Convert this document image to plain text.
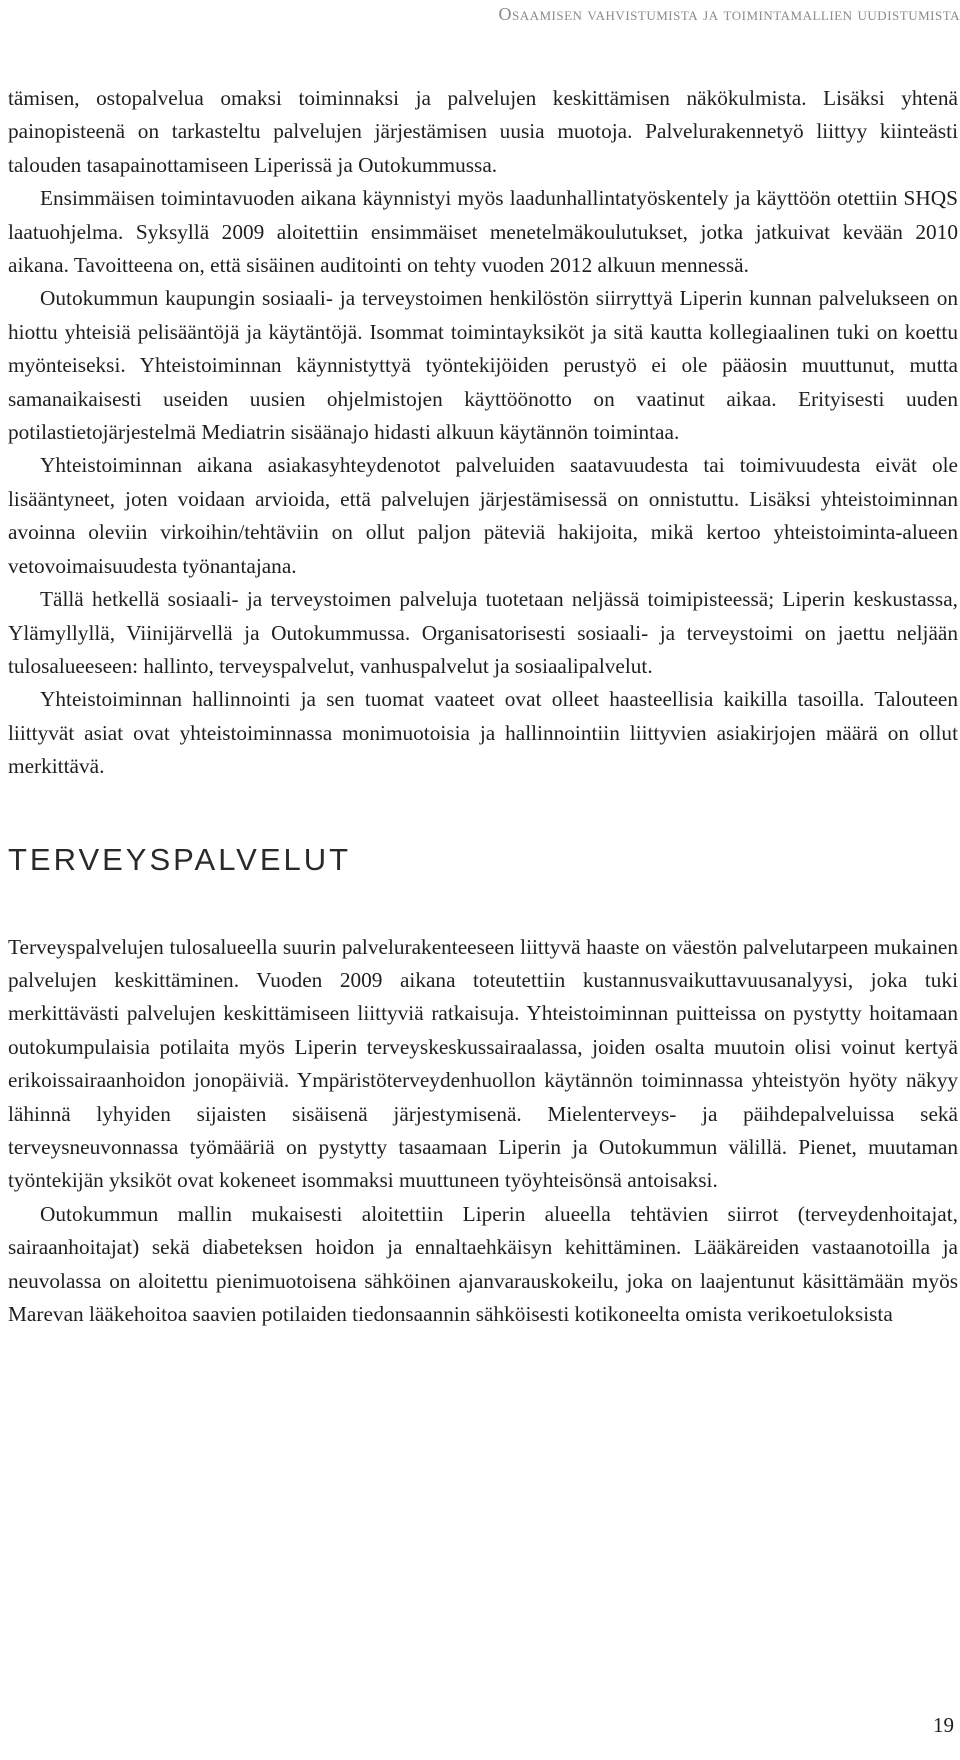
Osaamisen vahvistumista ja toimintamallien uudistumista

tämisen, ostopalvelua omaksi toiminnaksi ja palvelujen keskittämisen näkökulmista. Lisäksi yhtenä painopisteenä on tarkasteltu palvelujen järjestämisen uusia muotoja. Palvelurakennetyö liittyy kiinteästi talouden tasapainottamiseen Liperissä ja Outokummussa.

Ensimmäisen toimintavuoden aikana käynnistyi myös laadunhallintatyöskentely ja käyttöön otettiin SHQS laatuohjelma. Syksyllä 2009 aloitettiin ensimmäiset menetelmäkoulutukset, jotka jatkuivat kevään 2010 aikana. Tavoitteena on, että sisäinen auditointi on tehty vuoden 2012 alkuun mennessä.

Outokummun kaupungin sosiaali- ja terveystoimen henkilöstön siirryttyä Liperin kunnan palvelukseen on hiottu yhteisiä pelisääntöjä ja käytäntöjä. Isommat toimintayksiköt ja sitä kautta kollegiaalinen tuki on koettu myönteiseksi. Yhteistoiminnan käynnistyttyä työntekijöiden perustyö ei ole pääosin muuttunut, mutta samanaikaisesti useiden uusien ohjelmistojen käyttöönotto on vaatinut aikaa. Erityisesti uuden potilastietojärjestelmä Mediatrin sisäänajo hidasti alkuun käytännön toimintaa.

Yhteistoiminnan aikana asiakasyhteydenotot palveluiden saatavuudesta tai toimivuudesta eivät ole lisääntyneet, joten voidaan arvioida, että palvelujen järjestämisessä on onnistuttu. Lisäksi yhteistoiminnan avoinna oleviin virkoihin/tehtäviin on ollut paljon päteviä hakijoita, mikä kertoo yhteistoiminta-alueen vetovoimaisuudesta työnantajana.

Tällä hetkellä sosiaali- ja terveystoimen palveluja tuotetaan neljässä toimipisteessä; Liperin keskustassa, Ylämyllyllä, Viinijärvellä ja Outokummussa. Organisatorisesti sosiaali- ja terveystoimi on jaettu neljään tulosalueeseen: hallinto, terveyspalvelut, vanhuspalvelut ja sosiaalipalvelut.

Yhteistoiminnan hallinnointi ja sen tuomat vaateet ovat olleet haasteellisia kaikilla tasoilla. Talouteen liittyvät asiat ovat yhteistoiminnassa monimuotoisia ja hallinnointiin liittyvien asiakirjojen määrä on ollut merkittävä.

TERVEYSPALVELUT

Terveyspalvelujen tulosalueella suurin palvelurakenteeseen liittyvä haaste on väestön palvelutarpeen mukainen palvelujen keskittäminen. Vuoden 2009 aikana toteutettiin kustannusvaikuttavuusanalyysi, joka tuki merkittävästi palvelujen keskittämiseen liittyviä ratkaisuja. Yhteistoiminnan puitteissa on pystytty hoitamaan outokumpulaisia potilaita myös Liperin terveyskeskussairaalassa, joiden osalta muutoin olisi voinut kertyä erikoissairaanhoidon jonopäiviä. Ympäristöterveydenhuollon käytännön toiminnassa yhteistyön hyöty näkyy lähinnä lyhyiden sijaisten sisäisenä järjestymisenä. Mielenterveys- ja päihdepalveluissa sekä terveysneuvonnassa työmääriä on pystytty tasaamaan Liperin ja Outokummun välillä. Pienet, muutaman työntekijän yksiköt ovat kokeneet isommaksi muuttuneen työyhteisönsä antoisaksi.

Outokummun mallin mukaisesti aloitettiin Liperin alueella tehtävien siirrot (terveydenhoitajat, sairaanhoitajat) sekä diabeteksen hoidon ja ennaltaehkäisyn kehittäminen. Lääkäreiden vastaanotoilla ja neuvolassa on aloitettu pienimuotoisena sähköinen ajanvarauskokeilu, joka on laajentunut käsittämään myös Marevan lääkehoitoa saavien potilaiden tiedonsaannin sähköisesti kotikoneelta omista verikoetuloksista

19
